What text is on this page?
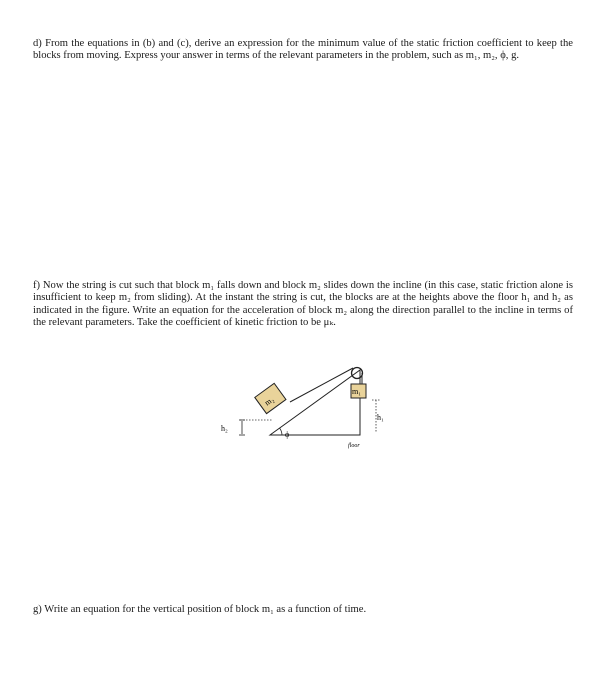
d) From the equations in (b) and (c), derive an expression for the minimum value of the static friction coefficient to keep the blocks from moving. Express your answer in terms of the relevant parameters in the problem, such as m₁, m₂, ϕ, g.
f) Now the string is cut such that block m₁ falls down and block m₂ slides down the incline (in this case, static friction alone is insufficient to keep m₂ from sliding). At the instant the string is cut, the blocks are at the heights above the floor h₁ and h₂ as indicated in the figure. Write an equation for the acceleration of block m₂ along the direction parallel to the incline in terms of the relevant parameters. Take the coefficient of kinetic friction to be μₖ.
m₂
m₁
ϕ
h₂
h₁
floor
g) Write an equation for the vertical position of block m₁ as a function of time.
